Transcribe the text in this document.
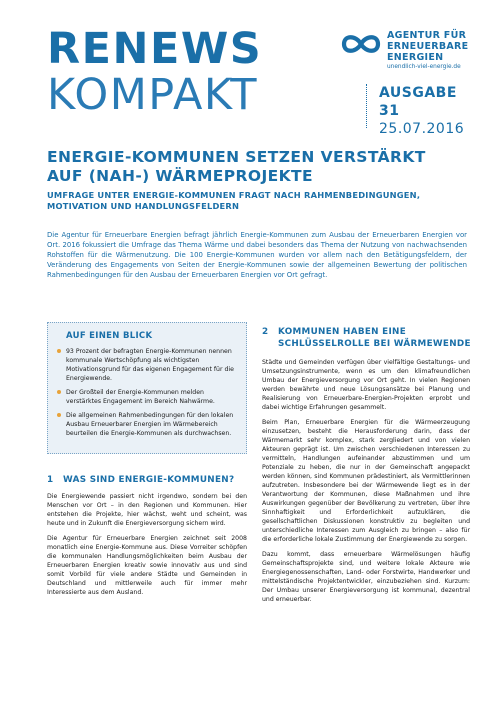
RENEWS
KOMPAKT
AGENTUR FÜR
ERNEUERBARE
ENERGIEN
unendlich-viel-energie.de
AUSGABE 31
25.07.2016
ENERGIE-KOMMUNEN SETZEN VERSTÄRKT AUF (NAH-) WÄRMEPROJEKTE
UMFRAGE UNTER ENERGIE-KOMMUNEN FRAGT NACH RAHMENBEDINGUNGEN, MOTIVATION UND HANDLUNGSFELDERN

Die Agentur für Erneuerbare Energien befragt jährlich Energie-Kommunen zum Ausbau der Erneuerbaren Energien vor Ort. 2016 fokussiert die Umfrage das Thema Wärme und dabei besonders das Thema der Nutzung von nachwachsenden Rohstoffen für die Wärmenutzung. Die 100 Energie-Kommunen wurden vor allem nach den Betätigungsfeldern, der Veränderung des Engagements von Seiten der Energie-Kommunen sowie der allgemeinen Bewertung der politischen Rahmenbedingungen für den Ausbau der Erneuerbaren Energien vor Ort gefragt.

AUF EINEN BLICK
93 Prozent der befragten Energie-Kommunen nennen kommunale Wertschöpfung als wichtigsten Motivationsgrund für das eigenen Engagement für die Energiewende.
Der Großteil der Energie-Kommunen melden verstärktes Engagement im Bereich Nahwärme.
Die allgemeinen Rahmenbedingungen für den lokalen Ausbau Erneuerbarer Energien im Wärmebereich beurteilen die Energie-Kommunen als durchwachsen.
1 WAS SIND ENERGIE-KOMMUNEN?

Die Energiewende passiert nicht irgendwo, sondern bei den Menschen vor Ort – in den Regionen und Kommunen. Hier entstehen die Projekte, hier wächst, weht und scheint, was heute und in Zukunft die Energieversorgung sichern wird.

Die Agentur für Erneuerbare Energien zeichnet seit 2008 monatlich eine Energie-Kommune aus. Diese Vorreiter schöpfen die kommunalen Handlungsmöglichkeiten beim Ausbau der Erneuerbaren Energien kreativ sowie innovativ aus und sind somit Vorbild für viele andere Städte und Gemeinden in Deutschland und mittlerweile auch für immer mehr Interessierte aus dem Ausland.

2 KOMMUNEN HABEN EINE
SCHLÜSSELROLLE BEI WÄRMEWENDE

Städte und Gemeinden verfügen über vielfältige Gestaltungs- und Umsetzungsinstrumente, wenn es um den klimafreundlichen Umbau der Energieversorgung vor Ort geht. In vielen Regionen werden bewährte und neue Lösungsansätze bei Planung und Realisierung von Erneuerbare-Energien-Projekten erprobt und dabei wichtige Erfahrungen gesammelt.

Beim Plan, Erneuerbare Energien für die Wärmeerzeugung einzusetzen, besteht die Herausforderung darin, dass der Wärmemarkt sehr komplex, stark zergliedert und von vielen Akteuren geprägt ist. Um zwischen verschiedenen Interessen zu vermitteln, Handlungen aufeinander abzustimmen und um Potenziale zu heben, die nur in der Gemeinschaft angepackt werden können, sind Kommunen prädestiniert, als Vermittlerinnen aufzutreten. Insbesondere bei der Wärmewende liegt es in der Verantwortung der Kommunen, diese Maßnahmen und ihre Auswirkungen gegenüber der Bevölkerung zu vertreten, über ihre Sinnhaftigkeit und Erforderlichkeit aufzuklären, die gesellschaftlichen Diskussionen konstruktiv zu begleiten und unterschiedliche Interessen zum Ausgleich zu bringen – also für die erforderliche lokale Zustimmung der Energiewende zu sorgen.

Dazu kommt, dass erneuerbare Wärmelösungen häufig Gemeinschaftsprojekte sind, und weitere lokale Akteure wie Energiegenossenschaften, Land- oder Forstwirte, Handwerker und mittelständische Projektentwickler, einzubeziehen sind. Kurzum: Der Umbau unserer Energieversorgung ist kommunal, dezentral und erneuerbar.
